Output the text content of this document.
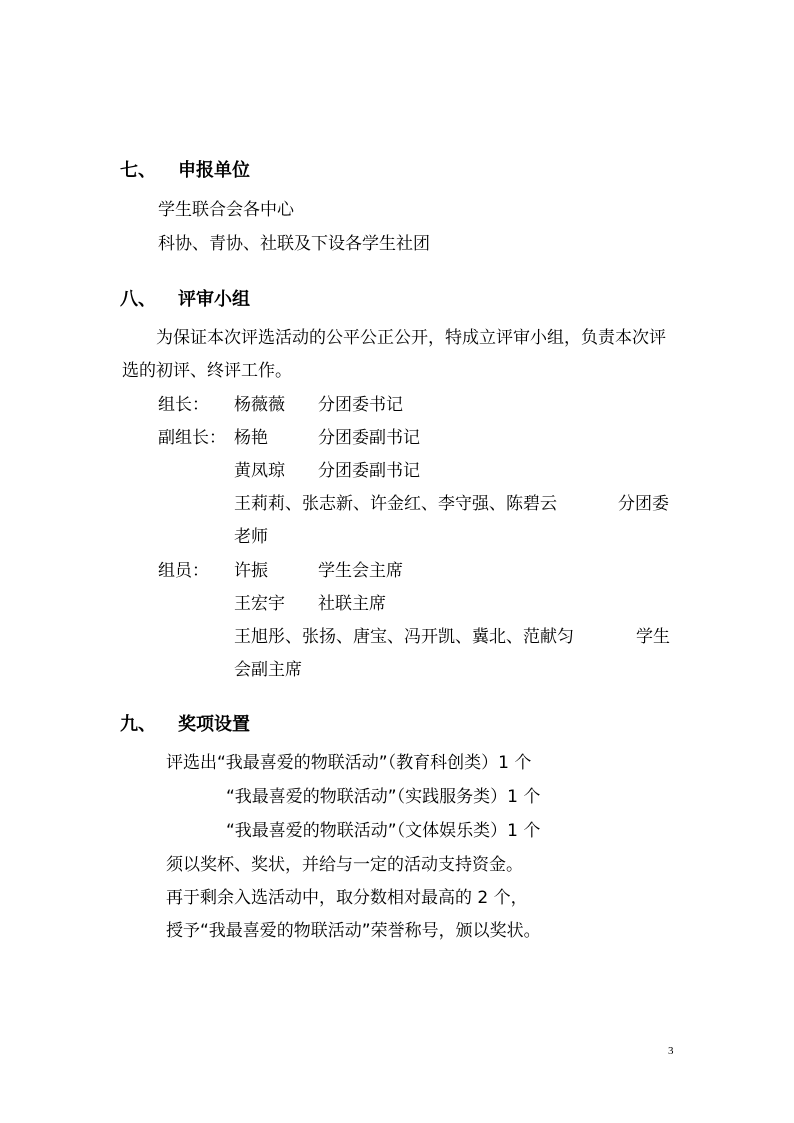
七、 申报单位
学生联合会各中心
科协、青协、社联及下设各学生社团
八、 评审小组
为保证本次评选活动的公平公正公开，特成立评审小组，负责本次评选的初评、终评工作。
组长： 杨薇薇 分团委书记
副组长： 杨艳	分团委副书记
黄凤琼 分团委副书记
王莉莉、张志新、许金红、李守强、陈碧云	分团委
老师
组员： 许振	学生会主席
王宏宇 社联主席
王旭彤、张扬、唐宝、冯开凯、冀北、范献匀	学生
会副主席
九、 奖项设置
评选出“我最喜爱的物联活动”（教育科创类）1 个
“我最喜爱的物联活动”（实践服务类）1 个
“我最喜爱的物联活动”（文体娱乐类）1 个
须以奖杯、奖状，并给与一定的活动支持资金。
再于剩余入选活动中，取分数相对最高的 2 个，
授予“我最喜爱的物联活动”荣誉称号，颁以奖状。
3
